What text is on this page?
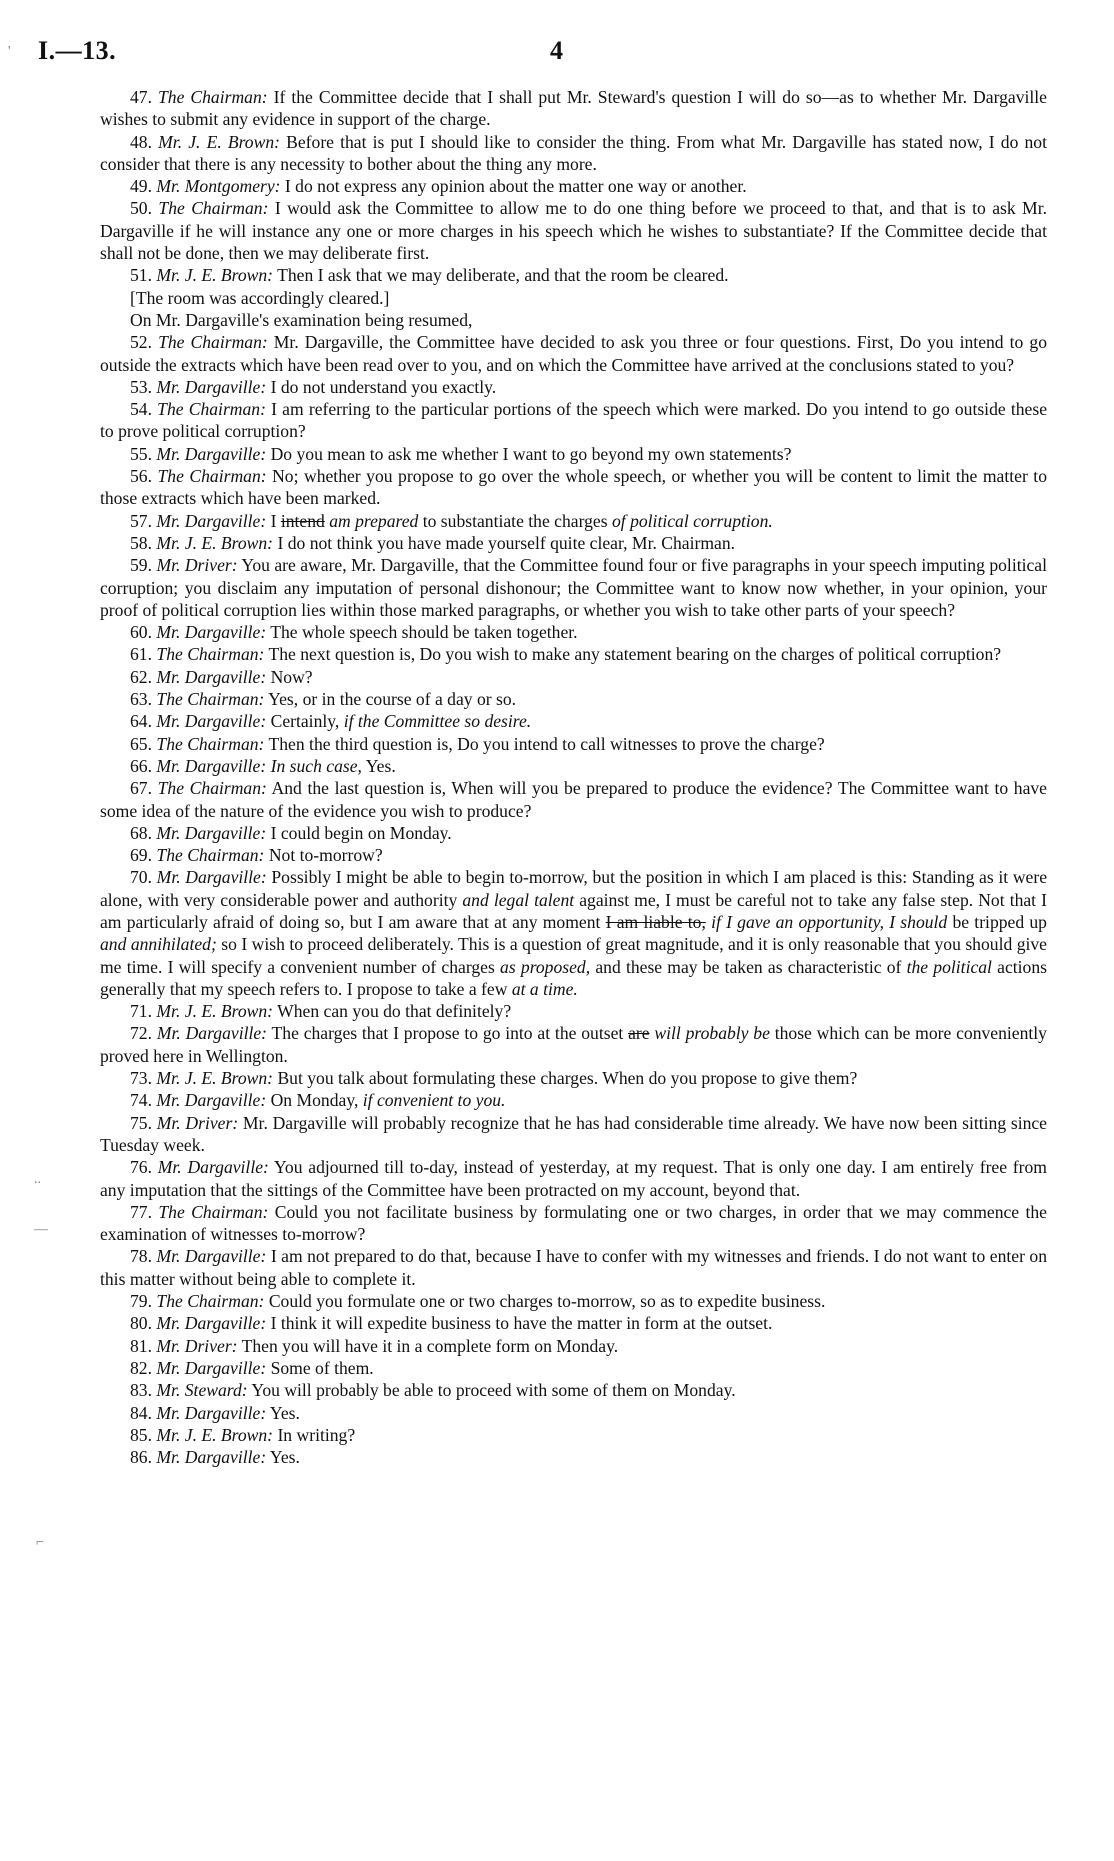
I.—13.	4
'
..
—
⌐

47. The Chairman: If the Committee decide that I shall put Mr. Steward's question I will do so—as to whether Mr. Dargaville wishes to submit any evidence in support of the charge.

48. Mr. J. E. Brown: Before that is put I should like to consider the thing. From what Mr. Dargaville has stated now, I do not consider that there is any necessity to bother about the thing any more.

49. Mr. Montgomery: I do not express any opinion about the matter one way or another.

50. The Chairman: I would ask the Committee to allow me to do one thing before we proceed to that, and that is to ask Mr. Dargaville if he will instance any one or more charges in his speech which he wishes to substantiate? If the Committee decide that shall not be done, then we may deliberate first.

51. Mr. J. E. Brown: Then I ask that we may deliberate, and that the room be cleared.

[The room was accordingly cleared.]

On Mr. Dargaville's examination being resumed,

52. The Chairman: Mr. Dargaville, the Committee have decided to ask you three or four questions. First, Do you intend to go outside the extracts which have been read over to you, and on which the Committee have arrived at the conclusions stated to you?

53. Mr. Dargaville: I do not understand you exactly.

54. The Chairman: I am referring to the particular portions of the speech which were marked. Do you intend to go outside these to prove political corruption?

55. Mr. Dargaville: Do you mean to ask me whether I want to go beyond my own statements?

56. The Chairman: No; whether you propose to go over the whole speech, or whether you will be content to limit the matter to those extracts which have been marked.

57. Mr. Dargaville: I intend am prepared to substantiate the charges of political corruption.

58. Mr. J. E. Brown: I do not think you have made yourself quite clear, Mr. Chairman.

59. Mr. Driver: You are aware, Mr. Dargaville, that the Committee found four or five paragraphs in your speech imputing political corruption; you disclaim any imputation of personal dishonour; the Committee want to know now whether, in your opinion, your proof of political corruption lies within those marked paragraphs, or whether you wish to take other parts of your speech?

60. Mr. Dargaville: The whole speech should be taken together.

61. The Chairman: The next question is, Do you wish to make any statement bearing on the charges of political corruption?

62. Mr. Dargaville: Now?

63. The Chairman: Yes, or in the course of a day or so.

64. Mr. Dargaville: Certainly, if the Committee so desire.

65. The Chairman: Then the third question is, Do you intend to call witnesses to prove the charge?

66. Mr. Dargaville: In such case, Yes.

67. The Chairman: And the last question is, When will you be prepared to produce the evidence? The Committee want to have some idea of the nature of the evidence you wish to produce?

68. Mr. Dargaville: I could begin on Monday.

69. The Chairman: Not to-morrow?

70. Mr. Dargaville: Possibly I might be able to begin to-morrow, but the position in which I am placed is this: Standing as it were alone, with very considerable power and authority and legal talent against me, I must be careful not to take any false step. Not that I am particularly afraid of doing so, but I am aware that at any moment I am liable to, if I gave an opportunity, I should be tripped up and annihilated; so I wish to proceed deliberately. This is a question of great magnitude, and it is only reasonable that you should give me time. I will specify a convenient number of charges as proposed, and these may be taken as characteristic of the political actions generally that my speech refers to. I propose to take a few at a time.

71. Mr. J. E. Brown: When can you do that definitely?

72. Mr. Dargaville: The charges that I propose to go into at the outset are will probably be those which can be more conveniently proved here in Wellington.

73. Mr. J. E. Brown: But you talk about formulating these charges. When do you propose to give them?

74. Mr. Dargaville: On Monday, if convenient to you.

75. Mr. Driver: Mr. Dargaville will probably recognize that he has had considerable time already. We have now been sitting since Tuesday week.

76. Mr. Dargaville: You adjourned till to-day, instead of yesterday, at my request. That is only one day. I am entirely free from any imputation that the sittings of the Committee have been protracted on my account, beyond that.

77. The Chairman: Could you not facilitate business by formulating one or two charges, in order that we may commence the examination of witnesses to-morrow?

78. Mr. Dargaville: I am not prepared to do that, because I have to confer with my witnesses and friends. I do not want to enter on this matter without being able to complete it.

79. The Chairman: Could you formulate one or two charges to-morrow, so as to expedite business.

80. Mr. Dargaville: I think it will expedite business to have the matter in form at the outset.

81. Mr. Driver: Then you will have it in a complete form on Monday.

82. Mr. Dargaville: Some of them.

83. Mr. Steward: You will probably be able to proceed with some of them on Monday.

84. Mr. Dargaville: Yes.

85. Mr. J. E. Brown: In writing?

86. Mr. Dargaville: Yes.
